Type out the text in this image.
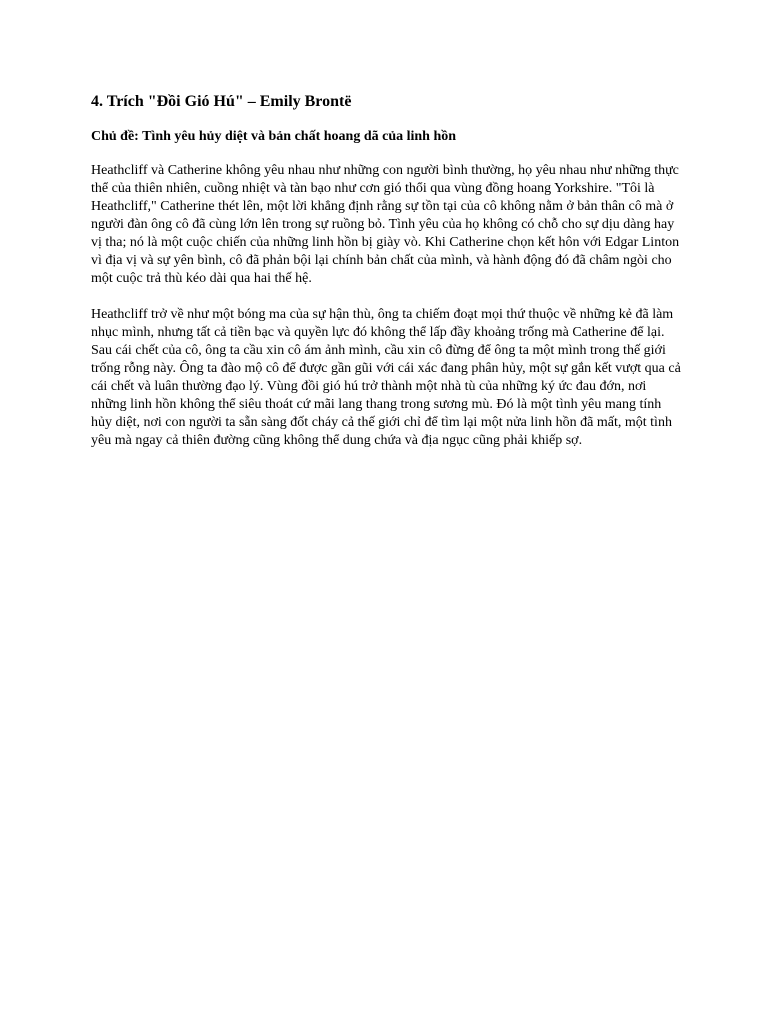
4. Trích "Đồi Gió Hú" – Emily Brontë
Chủ đề: Tình yêu hủy diệt và bản chất hoang dã của linh hồn

Heathcliff và Catherine không yêu nhau như những con người bình thường, họ yêu nhau như những thực thể của thiên nhiên, cuồng nhiệt và tàn bạo như cơn gió thổi qua vùng đồng hoang Yorkshire. "Tôi là Heathcliff," Catherine thét lên, một lời khẳng định rằng sự tồn tại của cô không nằm ở bản thân cô mà ở người đàn ông cô đã cùng lớn lên trong sự ruồng bỏ. Tình yêu của họ không có chỗ cho sự dịu dàng hay vị tha; nó là một cuộc chiến của những linh hồn bị giày vò. Khi Catherine chọn kết hôn với Edgar Linton vì địa vị và sự yên bình, cô đã phản bội lại chính bản chất của mình, và hành động đó đã châm ngòi cho một cuộc trả thù kéo dài qua hai thế hệ.

Heathcliff trở về như một bóng ma của sự hận thù, ông ta chiếm đoạt mọi thứ thuộc về những kẻ đã làm nhục mình, nhưng tất cả tiền bạc và quyền lực đó không thể lấp đầy khoảng trống mà Catherine để lại. Sau cái chết của cô, ông ta cầu xin cô ám ảnh mình, cầu xin cô đừng để ông ta một mình trong thế giới trống rỗng này. Ông ta đào mộ cô để được gần gũi với cái xác đang phân hủy, một sự gắn kết vượt qua cả cái chết và luân thường đạo lý. Vùng đồi gió hú trở thành một nhà tù của những ký ức đau đớn, nơi những linh hồn không thể siêu thoát cứ mãi lang thang trong sương mù. Đó là một tình yêu mang tính hủy diệt, nơi con người ta sẵn sàng đốt cháy cả thế giới chỉ để tìm lại một nửa linh hồn đã mất, một tình yêu mà ngay cả thiên đường cũng không thể dung chứa và địa ngục cũng phải khiếp sợ.
